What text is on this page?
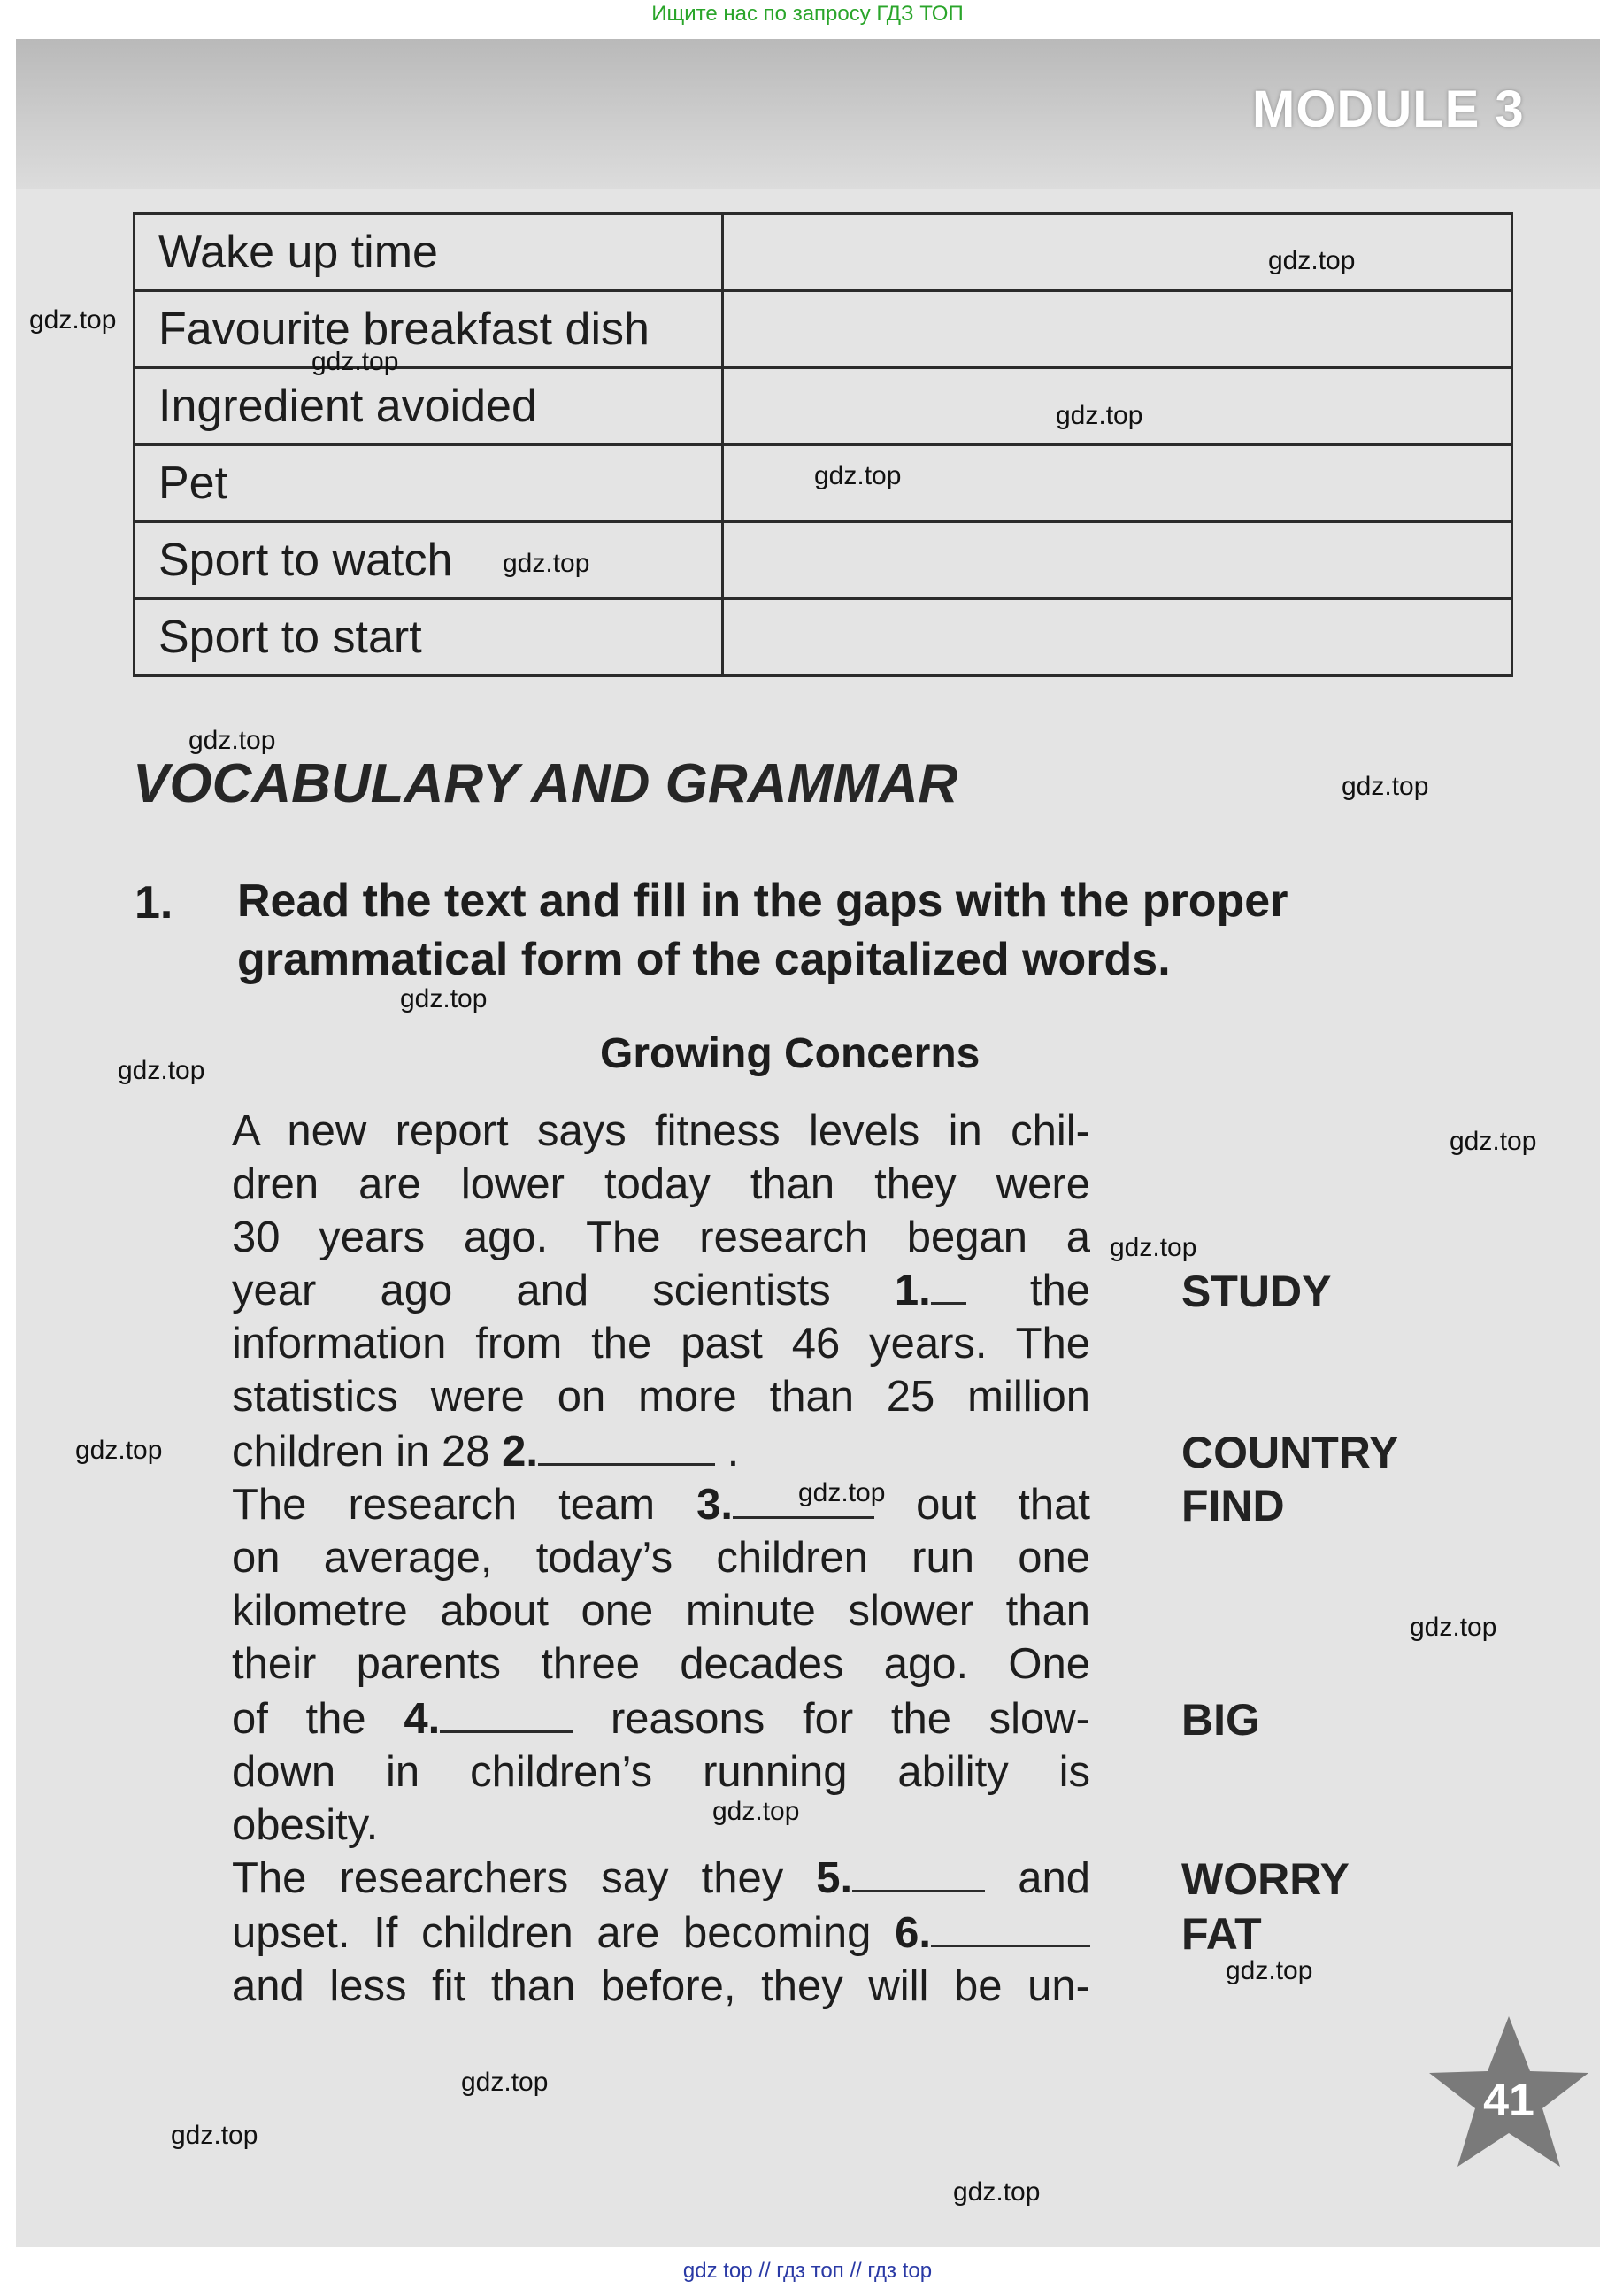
Ищите нас по запросу ГДЗ ТОП
MODULE 3
Wake up time	
Favourite breakfast dish	
Ingredient avoided	
Pet	
Sport to watch	
Sport to start	
VOCABULARY AND GRAMMAR
1. Read the text and fill in the gaps with the proper
grammatical form of the capitalized words.
Growing Concerns
A new report says fitness levels in chil-
dren are lower today than they were
30 years ago. The research began a
year ago and scientists 1. the
information from the past 46 years. The
statistics were on more than 25 million
children in 28 2.	.
The research team 3.	out that
on average, today’s children run one
kilometre about one minute slower than
their parents three decades ago. One
of the 4.	reasons for the slow-
down in children’s running ability is
obesity.
The researchers say they 5.	and
upset. If children are becoming 6.
and less fit than before, they will be un-
STUDY
COUNTRY
FIND
BIG
WORRY
FAT
41
gdz.top
gdz.top
gdz.top
gdz.top
gdz.top
gdz.top
gdz.top
gdz.top
gdz.top
gdz.top
gdz.top
gdz.top
gdz.top
gdz.top
gdz.top
gdz.top
gdz.top
gdz.top
gdz.top
gdz.top
gdz top // гдз топ // гдз top
